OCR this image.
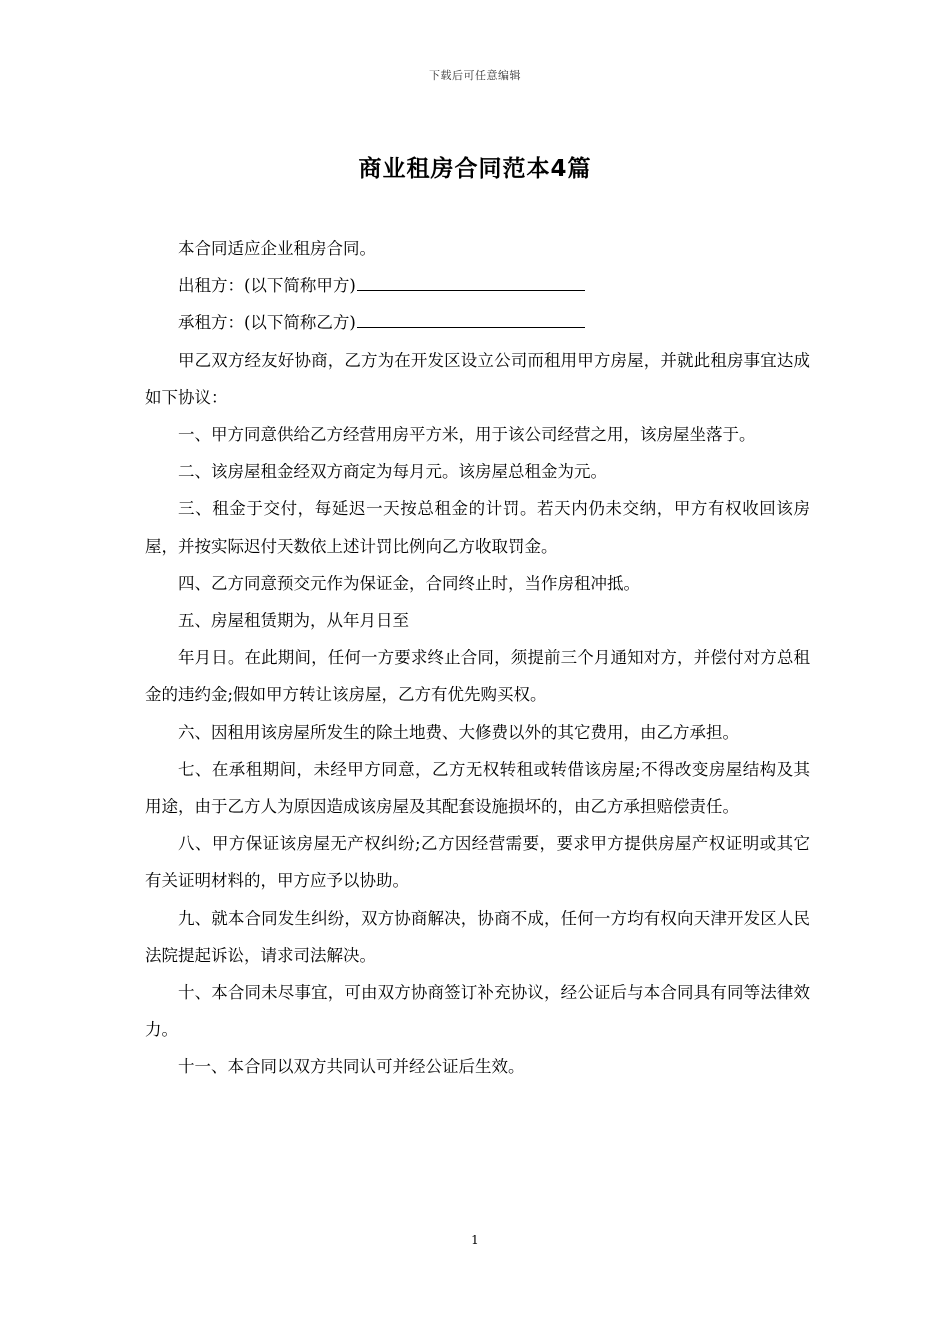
下载后可任意编辑
商业租房合同范本4篇

本合同适应企业租房合同。

出租方：(以下简称甲方)

承租方：(以下简称乙方)

甲乙双方经友好协商，乙方为在开发区设立公司而租用甲方房屋，并就此租房事宜达成如下协议：

一、甲方同意供给乙方经营用房平方米，用于该公司经营之用，该房屋坐落于。

二、该房屋租金经双方商定为每月元。该房屋总租金为元。

三、租金于交付，每延迟一天按总租金的计罚。若天内仍未交纳，甲方有权收回该房屋，并按实际迟付天数依上述计罚比例向乙方收取罚金。

四、乙方同意预交元作为保证金，合同终止时，当作房租冲抵。

五、房屋租赁期为，从年月日至

年月日。在此期间，任何一方要求终止合同，须提前三个月通知对方，并偿付对方总租金的违约金;假如甲方转让该房屋，乙方有优先购买权。

六、因租用该房屋所发生的除土地费、大修费以外的其它费用，由乙方承担。

七、在承租期间，未经甲方同意，乙方无权转租或转借该房屋;不得改变房屋结构及其用途，由于乙方人为原因造成该房屋及其配套设施损坏的，由乙方承担赔偿责任。

八、甲方保证该房屋无产权纠纷;乙方因经营需要，要求甲方提供房屋产权证明或其它有关证明材料的，甲方应予以协助。

九、就本合同发生纠纷，双方协商解决，协商不成，任何一方均有权向天津开发区人民法院提起诉讼，请求司法解决。

十、本合同未尽事宜，可由双方协商签订补充协议，经公证后与本合同具有同等法律效力。

十一、本合同以双方共同认可并经公证后生效。

1
